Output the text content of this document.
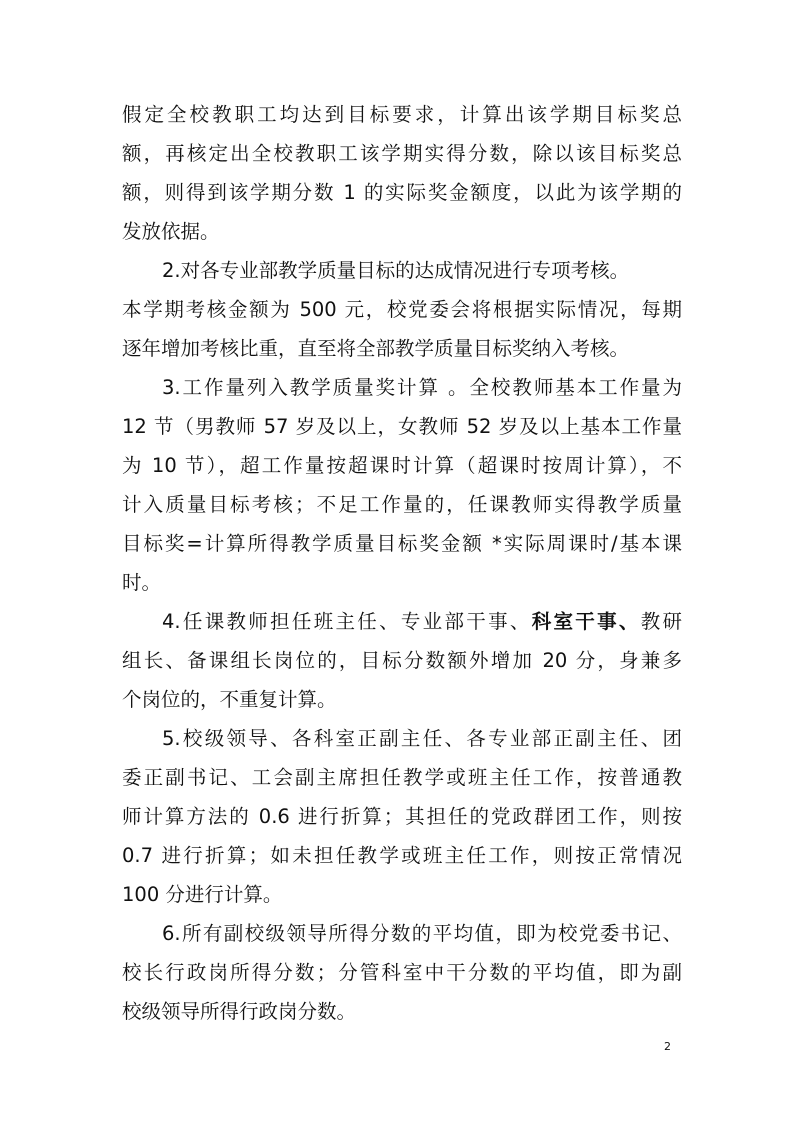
假定全校教职工均达到目标要求，计算出该学期目标奖总
额，再核定出全校教职工该学期实得分数，除以该目标奖总
额，则得到该学期分数 1 的实际奖金额度，以此为该学期的
发放依据。
2.对各专业部教学质量目标的达成情况进行专项考核。
本学期考核金额为 500 元，校党委会将根据实际情况，每期
逐年增加考核比重，直至将全部教学质量目标奖纳入考核。
3.工作量列入教学质量奖计算 。全校教师基本工作量为
12 节（男教师 57 岁及以上，女教师 52 岁及以上基本工作量
为 10 节），超工作量按超课时计算（超课时按周计算），不
计入质量目标考核；不足工作量的，任课教师实得教学质量
目标奖=计算所得教学质量目标奖金额 *实际周课时/基本课
时。
4.任课教师担任班主任、专业部干事、科室干事、教研
组长、备课组长岗位的，目标分数额外增加 20 分，身兼多
个岗位的，不重复计算。
5.校级领导、各科室正副主任、各专业部正副主任、团
委正副书记、工会副主席担任教学或班主任工作，按普通教
师计算方法的 0.6 进行折算；其担任的党政群团工作，则按
0.7 进行折算；如未担任教学或班主任工作，则按正常情况
100 分进行计算。
6.所有副校级领导所得分数的平均值，即为校党委书记、
校长行政岗所得分数；分管科室中干分数的平均值，即为副
校级领导所得行政岗分数。
2
